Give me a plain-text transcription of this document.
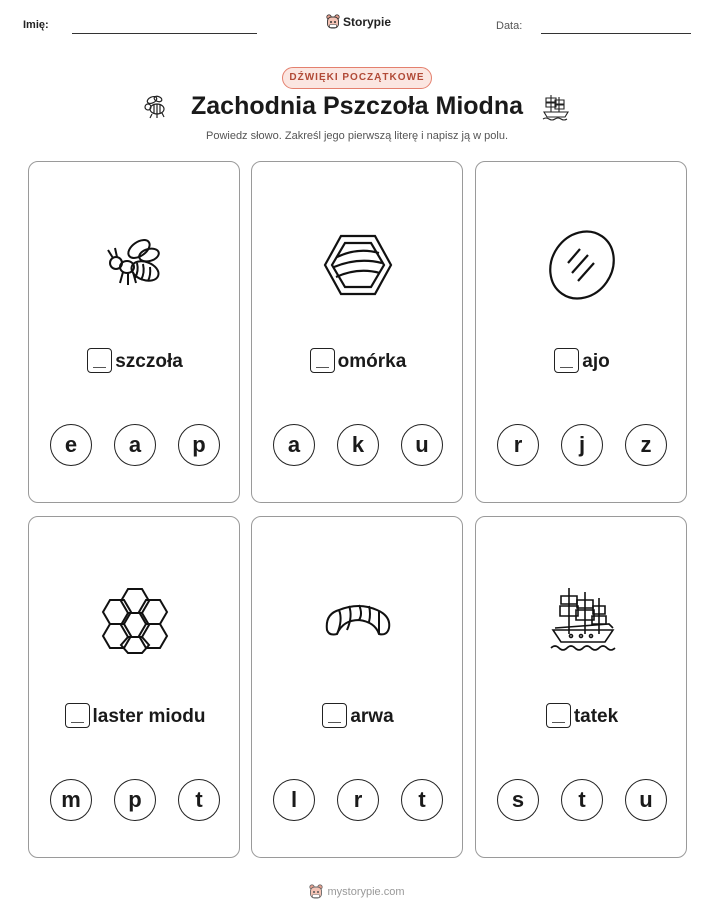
Imię:	Storypie	Data:
DŹWIĘKI POCZĄTKOWE
Zachodnia Pszczoła Miodna
Powiedz słowo. Zakreśl jego pierwszą literę i napisz ją w polu.
szczoła
e	a	p
omórka
a	k	u
ajo
r	j	z
laster miodu
m	p	t
arwa
l	r	t
tatek
s	t	u
mystorypie.com
